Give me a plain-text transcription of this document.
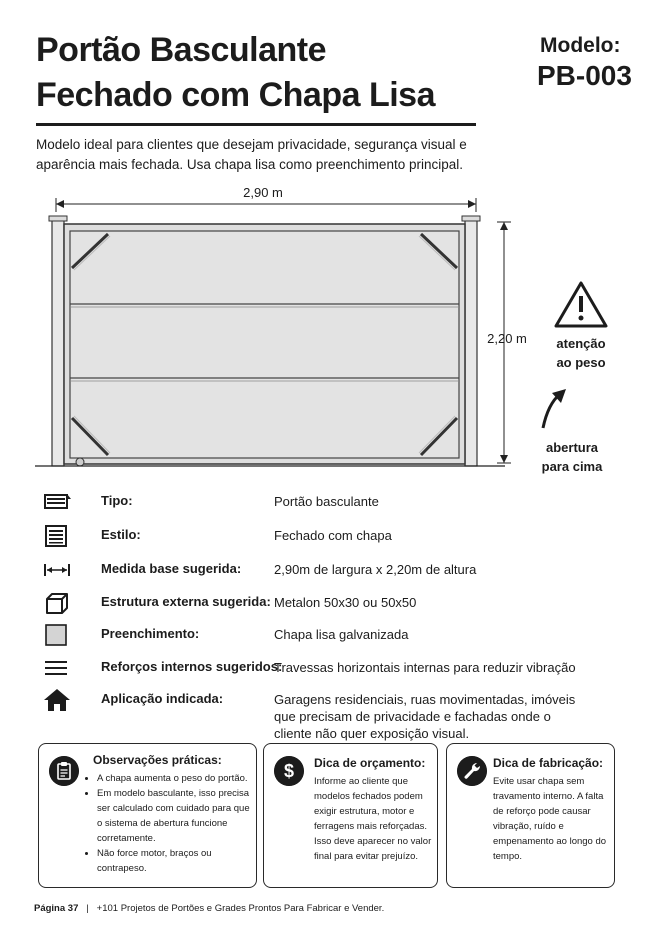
Portão Basculante
Fechado com Chapa Lisa
Modelo:
PB-003
Modelo ideal para clientes que desejam privacidade, segurança visual e aparência mais fechada. Usa chapa lisa como preenchimento principal.
2,90 m
2,20 m atenção
ao peso
abertura
para cima
Tipo:	Portão basculante
Estilo:	Fechado com chapa
Medida base sugerida:	2,90m de largura x 2,20m de altura
Estrutura externa sugerida: Metalon 50x30 ou 50x50
Preenchimento:	Chapa lisa galvanizada
Reforços internos sugeridos:
Travessas horizontais internas para reduzir vibração
Aplicação indicada:	Garagens residenciais, ruas movimentadas, imóveis
que precisam de privacidade e fachadas onde o
cliente não quer exposição visual.
Observações práticas:
• A chapa aumenta o peso do portão.
• Em modelo basculante, isso precisa ser calculado com cuidado para que o sistema de abertura funcione corretamente.
• Não force motor, braços ou contrapeso.
$ Dica de orçamento:
Informe ao cliente que modelos fechados podem exigir estrutura, motor e ferragens mais reforçadas. Isso deve aparecer no valor final para evitar prejuízo.
Dica de fabricação:
Evite usar chapa sem travamento interno. A falta de reforço pode causar vibração, ruído e empenamento ao longo do tempo.
Página 37 | +101 Projetos de Portões e Grades Prontos Para Fabricar e Vender.
